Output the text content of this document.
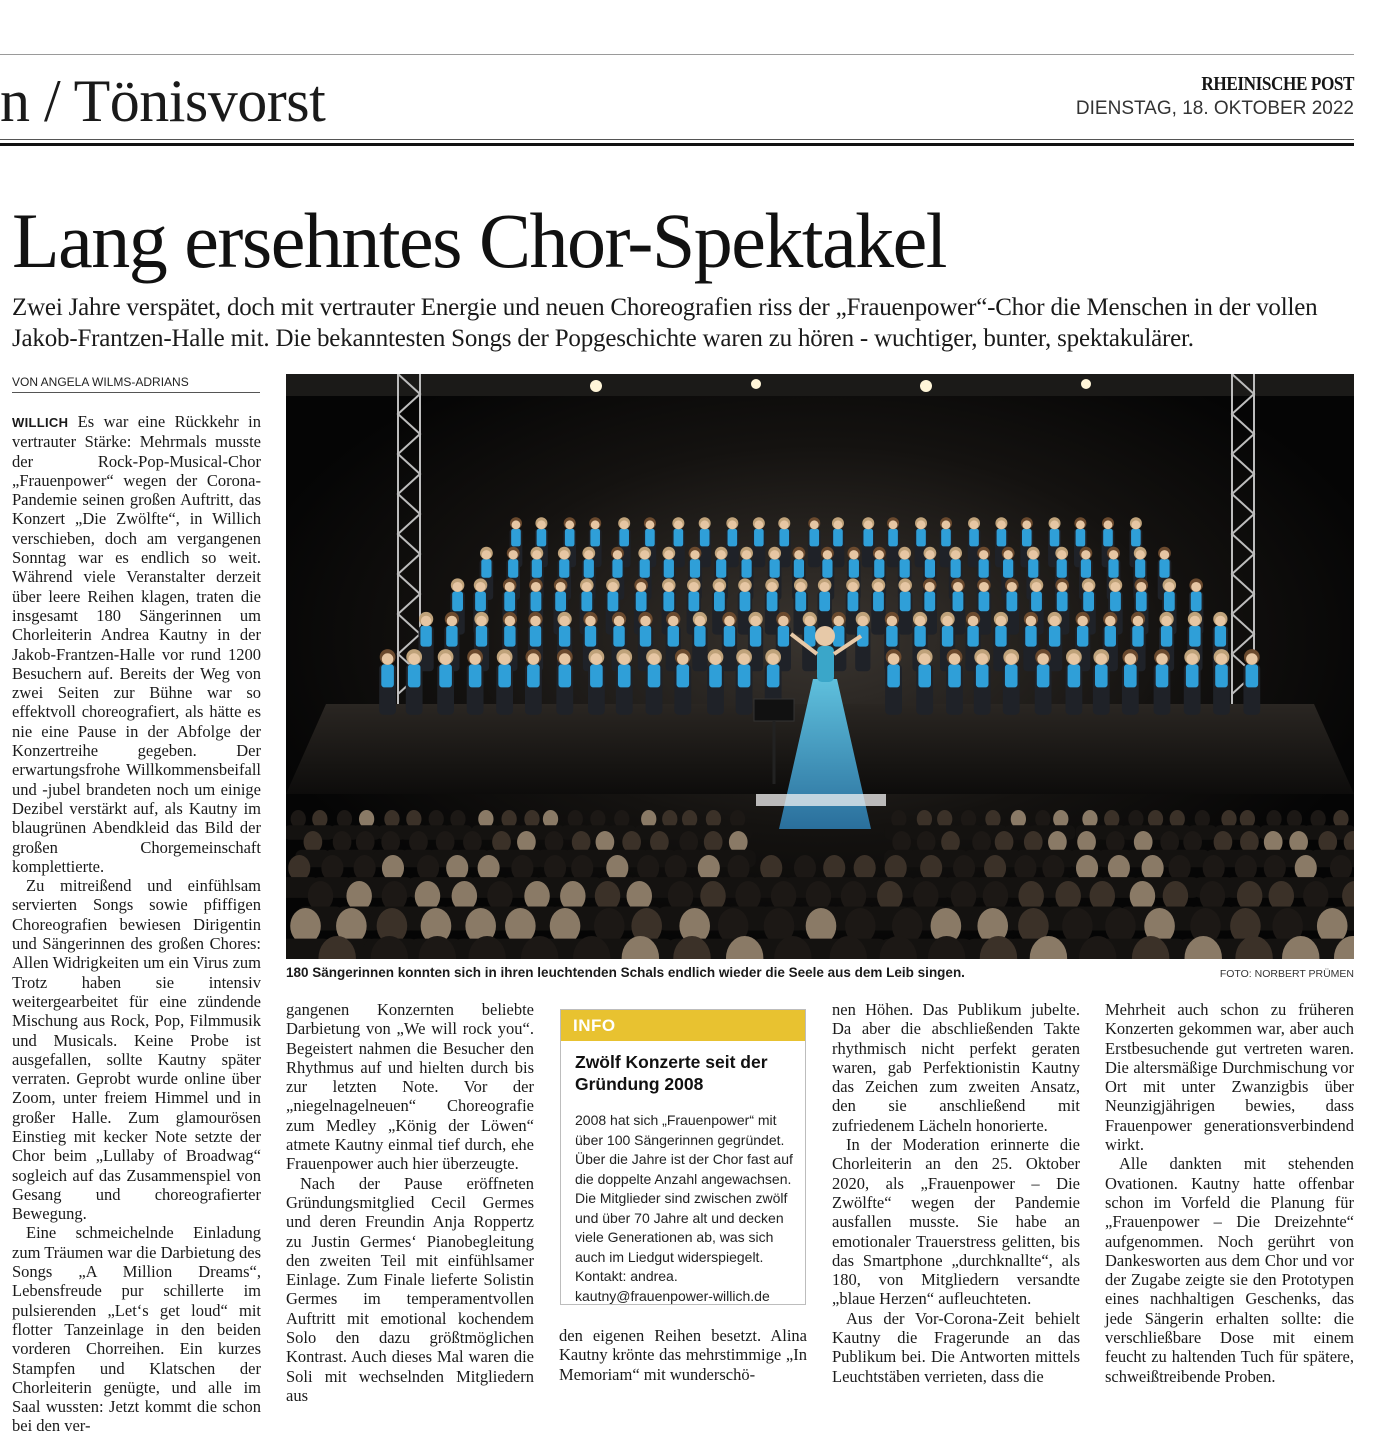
n / Tönisvorst	RHEINISCHE POST
DIENSTAG, 18. OKTOBER 2022
Lang ersehntes Chor-Spektakel

Zwei Jahre verspätet, doch mit vertrauter Energie und neuen Choreografien riss der „Frauenpower“-Chor die Menschen in der vollen Jakob-Frantzen-Halle mit. Die bekanntesten Songs der Popgeschichte waren zu hören - wuchtiger, bunter, spektakulärer.

VON ANGELA WILMS-ADRIANS

WILLICH Es war eine Rückkehr in vertrauter Stärke: Mehrmals musste der Rock-Pop-Musical-Chor „Frauenpower“ wegen der Corona-Pandemie seinen großen Auftritt, das Konzert „Die Zwölfte“, in Willich verschieben, doch am vergangenen Sonntag war es endlich so weit. Während viele Veranstalter derzeit über leere Reihen klagen, traten die insgesamt 180 Sängerinnen um Chorleiterin Andrea Kautny in der Jakob-Frantzen-Halle vor rund 1200 Besuchern auf. Bereits der Weg von zwei Seiten zur Bühne war so effektvoll choreografiert, als hätte es nie eine Pause in der Abfolge der Konzertreihe gegeben. Der erwartungsfrohe Willkommensbeifall und -jubel brandeten noch um einige Dezibel verstärkt auf, als Kautny im blaugrünen Abendkleid das Bild der großen Chorgemeinschaft komplettierte.

Zu mitreißend und einfühlsam servierten Songs sowie pfiffigen Choreografien bewiesen Dirigentin und Sängerinnen des großen Chores: Allen Widrigkeiten um ein Virus zum Trotz haben sie intensiv weitergearbeitet für eine zündende Mischung aus Rock, Pop, Filmmusik und Musicals. Keine Probe ist ausgefallen, sollte Kautny später verraten. Geprobt wurde online über Zoom, unter freiem Himmel und in großer Halle. Zum glamourösen Einstieg mit kecker Note setzte der Chor beim „Lullaby of Broadwag“ sogleich auf das Zusammenspiel von Gesang und choreografierter Bewegung.

Eine schmeichelnde Einladung zum Träumen war die Darbietung des Songs „A Million Dreams“, Lebensfreude pur schillerte im pulsierenden „Let‘s get loud“ mit flotter Tanzeinlage in den beiden vorderen Chorreihen. Ein kurzes Stampfen und Klatschen der Chorleiterin genügte, und alle im Saal wussten: Jetzt kommt die schon bei den ver-

180 Sängerinnen konnten sich in ihren leuchtenden Schals endlich wieder die Seele aus dem Leib singen.	FOTO: NORBERT PRÜMEN

gangenen Konzernten beliebte Darbietung von „We will rock you“. Begeistert nahmen die Besucher den Rhythmus auf und hielten durch bis zur letzten Note. Vor der „niegelnagelneuen“ Choreografie zum Medley „König der Löwen“ atmete Kautny einmal tief durch, ehe Frauenpower auch hier überzeugte.

Nach der Pause eröffneten Gründungsmitglied Cecil Germes und deren Freundin Anja Roppertz zu Justin Germes‘ Pianobegleitung den zweiten Teil mit einfühlsamer Einlage. Zum Finale lieferte Solistin Germes im temperamentvollen Auftritt mit emotional kochendem Solo den dazu größtmöglichen Kontrast. Auch dieses Mal waren die Soli mit wechselnden Mitgliedern aus

INFO
Zwölf Konzerte seit der Gründung 2008
2008 hat sich „Frauenpower“ mit über 100 Sängerinnen gegründet. Über die Jahre ist der Chor fast auf die doppelte Anzahl angewachsen. Die Mitglieder sind zwischen zwölf und über 70 Jahre alt und decken viele Generationen ab, was sich auch im Liedgut widerspiegelt. Kontakt: andrea. kautny@frauenpower-willich.de

den eigenen Reihen besetzt. Alina Kautny krönte das mehrstimmige „In Memoriam“ mit wunderschö-

nen Höhen. Das Publikum jubelte. Da aber die abschließenden Takte rhythmisch nicht perfekt geraten waren, gab Perfektionistin Kautny das Zeichen zum zweiten Ansatz, den sie anschließend mit zufriedenem Lächeln honorierte.

In der Moderation erinnerte die Chorleiterin an den 25. Oktober 2020, als „Frauenpower – Die Zwölfte“ wegen der Pandemie ausfallen musste. Sie habe an emotionaler Trauerstress gelitten, bis das Smartphone „durchknallte“, als 180, von Mitgliedern versandte „blaue Herzen“ aufleuchteten.

Aus der Vor-Corona-Zeit behielt Kautny die Fragerunde an das Publikum bei. Die Antworten mittels Leuchtstäben verrieten, dass die

Mehrheit auch schon zu früheren Konzerten gekommen war, aber auch Erstbesuchende gut vertreten waren. Die altersmäßige Durchmischung vor Ort mit unter Zwanzigbis über Neunzigjährigen bewies, dass Frauenpower generationsverbindend wirkt.

Alle dankten mit stehenden Ovationen. Kautny hatte offenbar schon im Vorfeld die Planung für „Frauenpower – Die Dreizehnte“ aufgenommen. Noch gerührt von Dankesworten aus dem Chor und vor der Zugabe zeigte sie den Prototypen eines nachhaltigen Geschenks, das jede Sängerin erhalten sollte: die verschließbare Dose mit einem feucht zu haltenden Tuch für spätere, schweißtreibende Proben.
